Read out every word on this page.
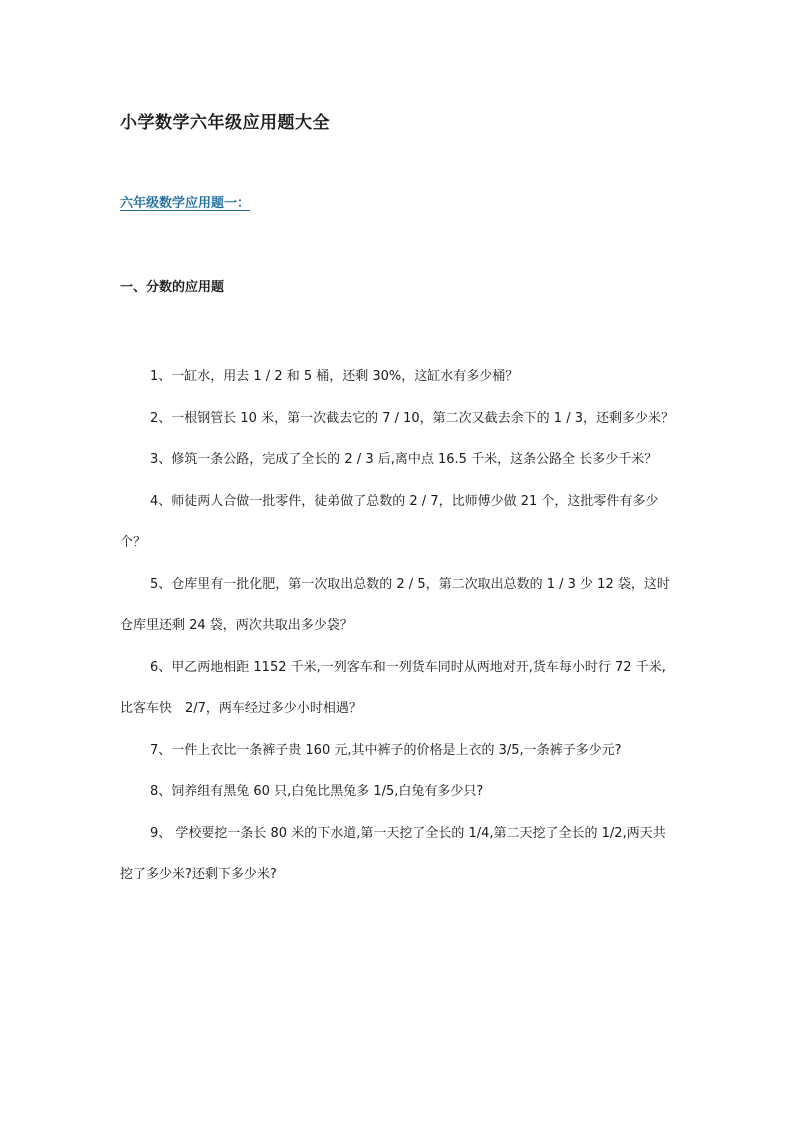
小学数学六年级应用题大全
六年级数学应用题一：
一、分数的应用题

1、一缸水，用去 1 / 2 和 5 桶，还剩 30%，这缸水有多少桶？

2、一根钢管长 10 米，第一次截去它的 7 / 10，第二次又截去余下的 1 / 3，还剩多少米？

3、修筑一条公路，完成了全长的 2 / 3 后,离中点 16.5 千米，这条公路全 长多少千米？

4、师徒两人合做一批零件，徒弟做了总数的 2 / 7，比师傅少做 21 个，这批零件有多少个？

5、仓库里有一批化肥，第一次取出总数的 2 / 5，第二次取出总数的 1 / 3 少 12 袋，这时仓库里还剩 24 袋，两次共取出多少袋？

6、甲乙两地相距 1152 千米,一列客车和一列货车同时从两地对开,货车每小时行 72 千米,比客车快　2/7，两车经过多少小时相遇？

7、一件上衣比一条裤子贵 160 元,其中裤子的价格是上衣的 3/5,一条裤子多少元?

8、饲养组有黑兔 60 只,白兔比黑兔多 1/5,白兔有多少只?

9、 学校要挖一条长 80 米的下水道,第一天挖了全长的 1/4,第二天挖了全长的 1/2,两天共挖了多少米?还剩下多少米?
